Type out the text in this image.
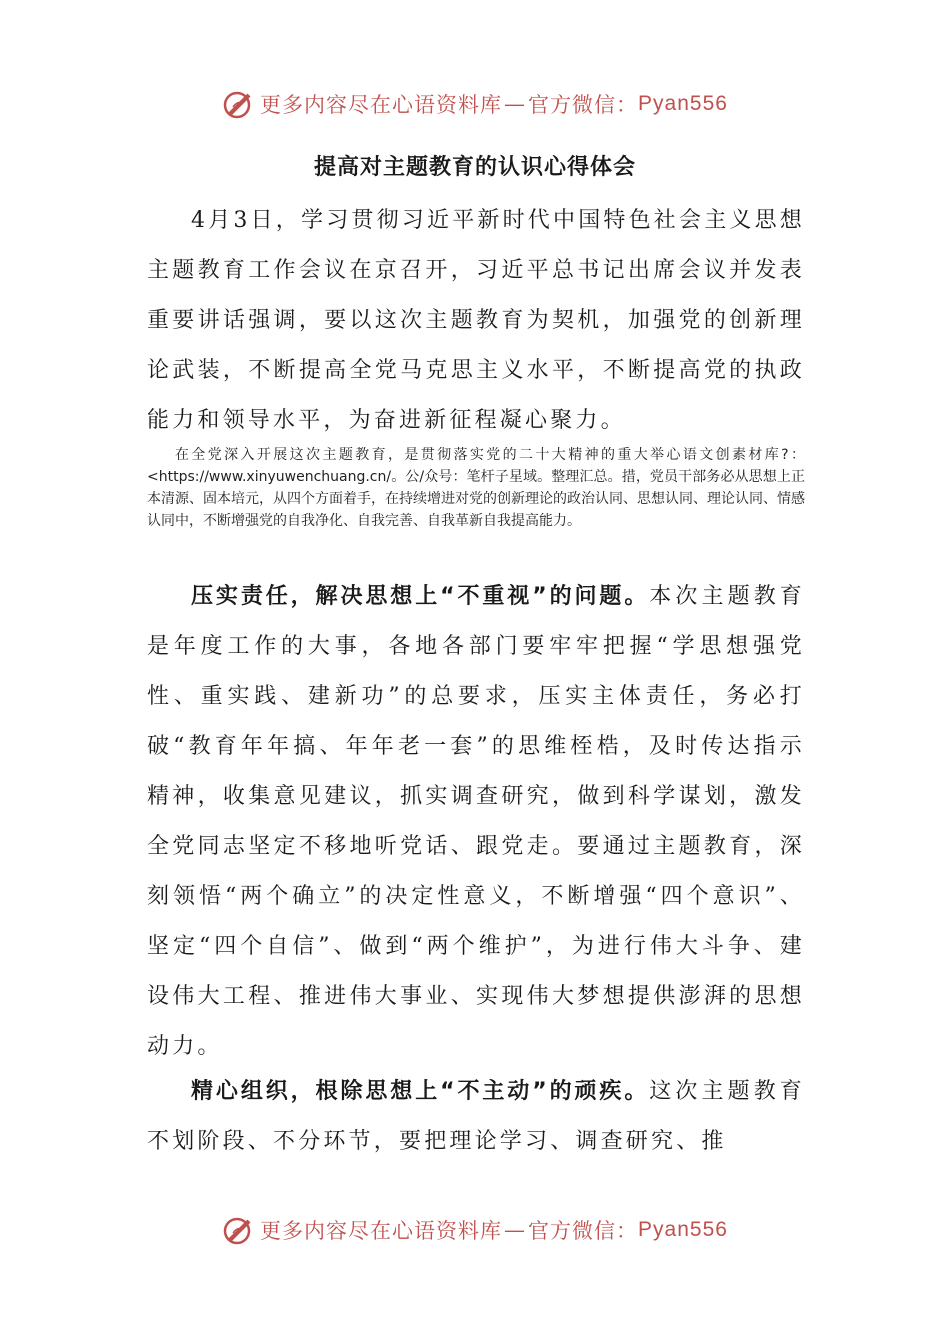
更多内容尽在心语资料库 — 官方微信： Pyan556
提高对主题教育的认识心得体会
4月3日，学习贯彻习近平新时代中国特色社会主义思想主题教育工作会议在京召开，习近平总书记出席会议并发表重要讲话强调，要以这次主题教育为契机，加强党的创新理论武装，不断提高全党马克思主义水平，不断提高党的执政能力和领导水平，为奋进新征程凝心聚力。
在全党深入开展这次主题教育，是贯彻落实党的二十大精神的重大举心语文创素材库?：<https://www.xinyuwenchuang.cn/。公/众号：笔杆子星域。整理汇总。措，党员干部务必从思想上正本清源、固本培元，从四个方面着手，在持续增进对党的创新理论的政治认同、思想认同、理论认同、情感认同中，不断增强党的自我净化、自我完善、自我革新自我提高能力。
压实责任，解决思想上“不重视”的问题。本次主题教育是年度工作的大事，各地各部门要牢牢把握“学思想强党性、重实践、建新功”的总要求，压实主体责任，务必打破“教育年年搞、年年老一套”的思维桎梏，及时传达指示精神，收集意见建议，抓实调查研究，做到科学谋划，激发全党同志坚定不移地听党话、跟党走。要通过主题教育，深刻领悟“两个确立”的决定性意义，不断增强“四个意识”、坚定“四个自信”、做到“两个维护”，为进行伟大斗争、建设伟大工程、推进伟大事业、实现伟大梦想提供澎湃的思想动力。
精心组织，根除思想上“不主动”的顽疾。这次主题教育不划阶段、不分环节，要把理论学习、调查研究、推
更多内容尽在心语资料库 — 官方微信： Pyan556
